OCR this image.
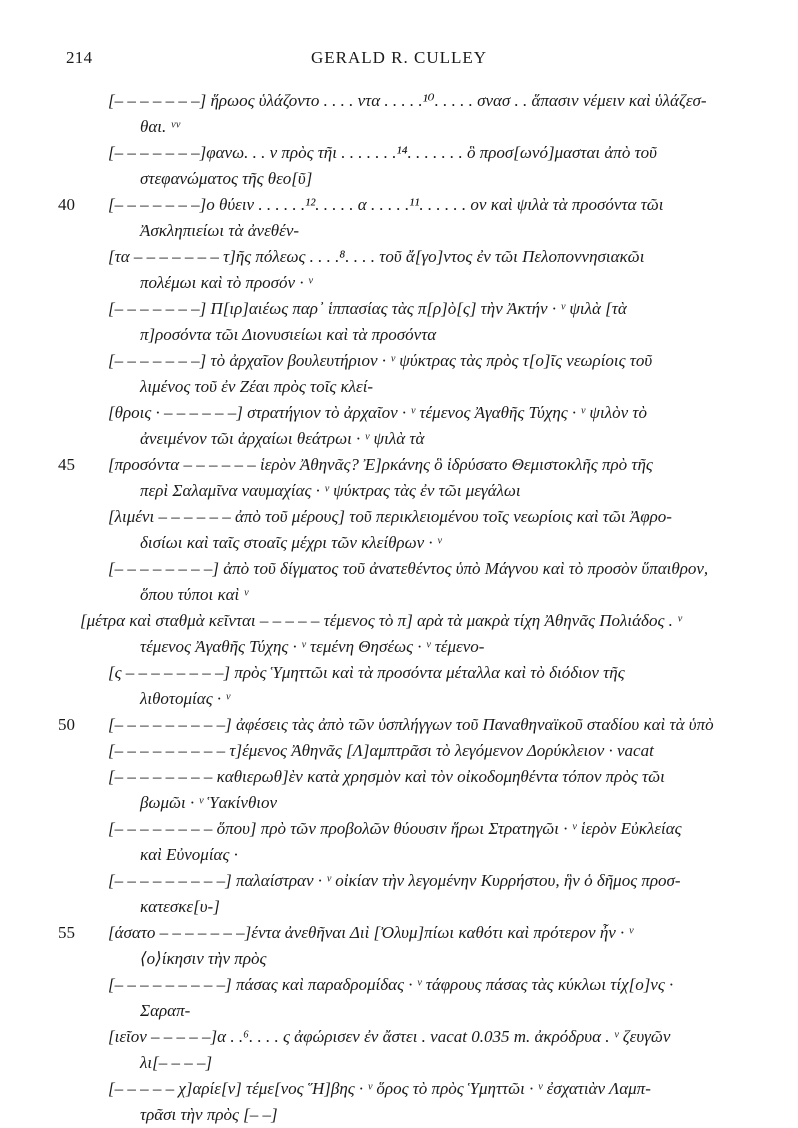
214	GERALD R. CULLEY
[– – – – – – –] ἥρωος ὑλάζοντο . . . . ντα . . . . .¹⁰. . . . . σνασ . . ἅπασιν νέμειν καὶ ὑλάζεσ-
θαι. ᵛᵛ
[– – – – – – –]φανω. . . ν πρὸς τῆι . . . . . . .¹⁴. . . . . . . ὃ προσ[ωνό]μασται ἀπὸ τοῦ
στεφανώματος τῆς θεο[ῦ]
40	[– – – – – – –]ο θύειν . . . . . .¹². . . . . α . . . . .¹¹. . . . . . ον καὶ ψιλὰ τὰ προσόντα τῶι
Ἀσκληπιείωι τὰ ἀνεθέν-
[τα – – – – – – – τ]ῆς πόλεως . . . .⁸. . . . τοῦ ἄ[γο]ντος ἐν τῶι Πελοποννησιακῶι
πολέμωι καὶ τὸ προσόν · ᵛ
[– – – – – – –] Π[ιρ]αιέως παρ᾽ ἱππασίας τὰς π[ρ]ὸ[ς] τὴν Ἀκτήν · ᵛ ψιλὰ [τὰ
π]ροσόντα τῶι Διονυσιείωι καὶ τὰ προσόντα
[– – – – – – –] τὸ ἀρχαῖον βουλευτήριον · ᵛ ψύκτρας τὰς πρὸς τ[ο]ῖς νεωρίοις τοῦ
λιμένος τοῦ ἐν Ζέαι πρὸς τοῖς κλεί-
[θροις · – – – – – –] στρατήγιον τὸ ἀρχαῖον · ᵛ τέμενος Ἀγαθῆς Τύχης · ᵛ ψιλὸν τὸ
ἀνειμένον τῶι ἀρχαίωι θεάτρωι · ᵛ ψιλὰ τὰ
45	[προσόντα – – – – – – ἱερὸν Ἀθηνᾶς? Ἐ]ρκάνης ὃ ἱδρύσατο Θεμιστοκλῆς πρὸ τῆς
περὶ Σαλαμῖνα ναυμαχίας · ᵛ ψύκτρας τὰς ἐν τῶι μεγάλωι
[λιμένι – – – – – – ἀπὸ τοῦ μέρους] τοῦ περικλειομένου τοῖς νεωρίοις καὶ τῶι Ἀφρο-
δισίωι καὶ ταῖς στοαῖς μέχρι τῶν κλείθρων · ᵛ
[– – – – – – – –] ἀπὸ τοῦ δίγματος τοῦ ἀνατεθέντος ὑπὸ Μάγνου καὶ τὸ προσὸν ὕπαιθρον,
ὅπου τύποι καὶ ᵛ
[μέτρα καὶ σταθμὰ κεῖνται – – – – – τέμενος τὸ π] αρὰ τὰ μακρὰ τίχη Ἀθηνᾶς Πολιάδος . ᵛ
τέμενος Ἀγαθῆς Τύχης · ᵛ τεμένη Θησέως · ᵛ τέμενο-
[ς – – – – – – – –] πρὸς Ὑμηττῶι καὶ τὰ προσόντα μέταλλα καὶ τὸ διόδιον τῆς
λιθοτομίας · ᵛ
50	[– – – – – – – – –] ἀφέσεις τὰς ἀπὸ τῶν ὑσπλήγγων τοῦ Παναθηναϊκοῦ σταδίου καὶ τὰ ὑπὸ
[– – – – – – – – – τ]έμενος Ἀθηνᾶς [Λ]αμπτρᾶσι τὸ λεγόμενον Δορύκλειον · vacat
[– – – – – – – – καθιερωθ]ὲν κατὰ χρησμὸν καὶ τὸν οἰκοδομηθέντα τόπον πρὸς τῶι
βωμῶι · ᵛ Ὑακίνθιον
[– – – – – – – – ὅπου] πρὸ τῶν προβολῶν θύουσιν ἥρωι Στρατηγῶι · ᵛ ἱερὸν Εὐκλείας
καὶ Εὐνομίας ·
[– – – – – – – – –] παλαίστραν · ᵛ οἰκίαν τὴν λεγομένην Κυρρήστου, ἣν ὁ δῆμος προσ-
κατεσκε[υ-]
55	[άσατο – – – – – – –]έντα ἀνεθῆναι Διὶ [Ὀλυμ]πίωι καθότι καὶ πρότερον ἦν · ᵛ
⟨ο⟩ίκησιν τὴν πρὸς
[– – – – – – – – –] πάσας καὶ παραδρομίδας · ᵛ τάφρους πάσας τὰς κύκλωι τίχ[ο]νς ·
Σαραπ-
[ιεῖον – – – – –]α . .⁶. . . . ς ἀφώρισεν ἐν ἄστει . vacat 0.035 m. ἀκρόδρυα . ᵛ ζευγῶν
λι[– – – –]
[– – – – – χ]αρίε[ν] τέμε[νος Ἥ]βης · ᵛ ὅρος τὸ πρὸς Ὑμηττῶι · ᵛ ἐσχατιὰν Λαμπ-
τρᾶσι τὴν πρὸς [– –]
